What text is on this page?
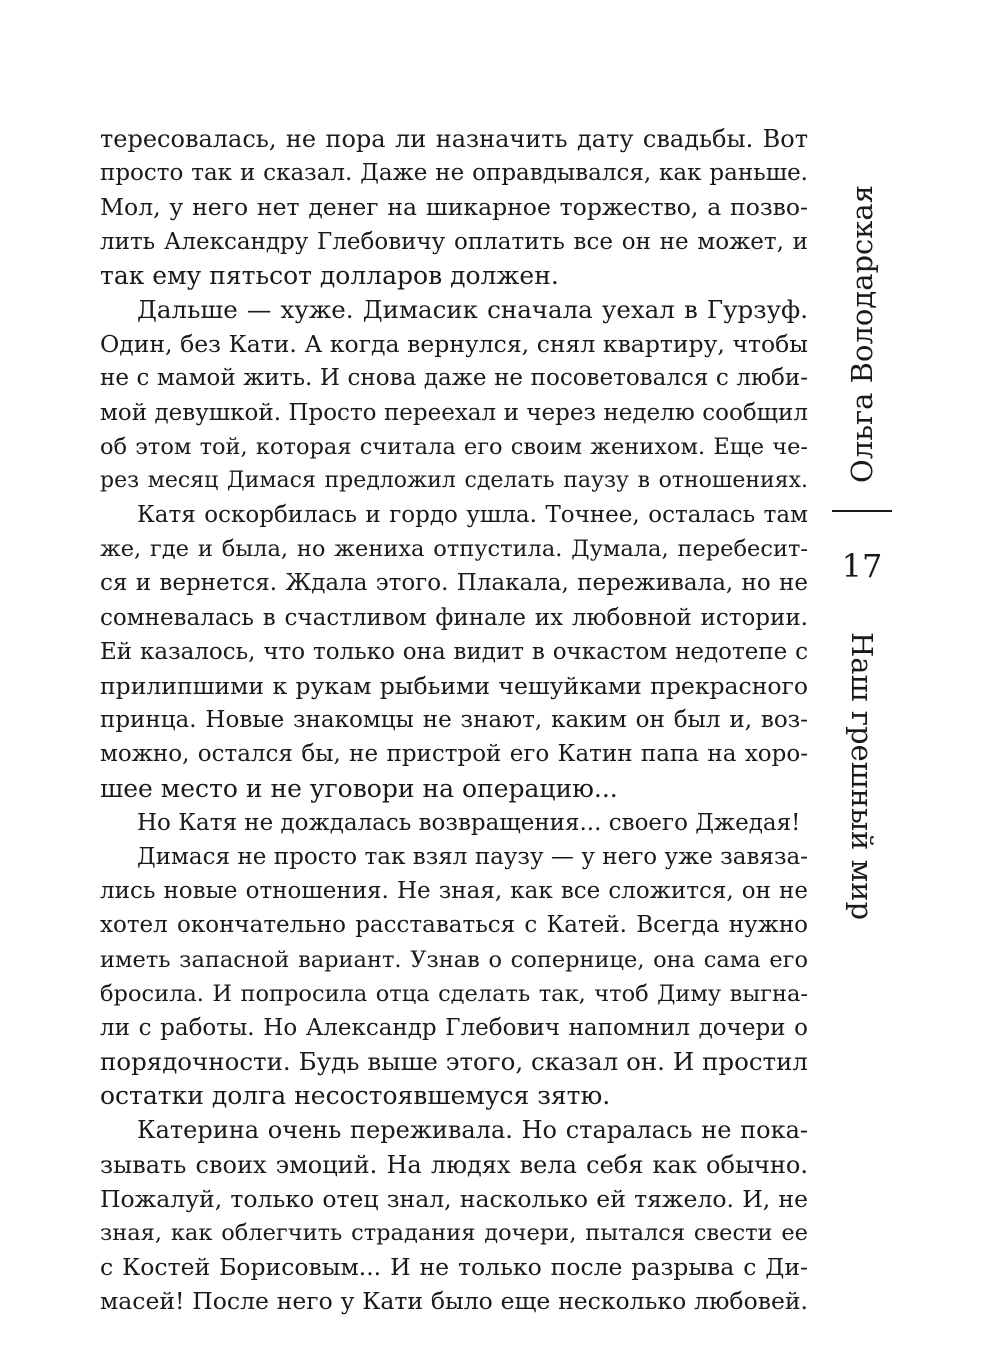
тересовалась, не пора ли назначить дату свадьбы. Вот
просто так и сказал. Даже не оправдывался, как раньше.
Мол, у него нет денег на шикарное торжество, а позво-
лить Александру Глебовичу оплатить все он не может, и
так ему пятьсот долларов должен.
Дальше — хуже. Димасик сначала уехал в Гурзуф.
Один, без Кати. А когда вернулся, снял квартиру, чтобы
не с мамой жить. И снова даже не посоветовался с люби-
мой девушкой. Просто переехал и через неделю сообщил
об этом той, которая считала его своим женихом. Еще че-
рез месяц Димася предложил сделать паузу в отношениях.
Катя оскорбилась и гордо ушла. Точнее, осталась там
же, где и была, но жениха отпустила. Думала, перебесит-
ся и вернется. Ждала этого. Плакала, переживала, но не
сомневалась в счастливом финале их любовной истории.
Ей казалось, что только она видит в очкастом недотепе с
прилипшими к рукам рыбьими чешуйками прекрасного
принца. Новые знакомцы не знают, каким он был и, воз-
можно, остался бы, не пристрой его Катин папа на хоро-
шее место и не уговори на операцию...
Но Катя не дождалась возвращения... своего Джедая!
Димася не просто так взял паузу — у него уже завяза-
лись новые отношения. Не зная, как все сложится, он не
хотел окончательно расставаться с Катей. Всегда нужно
иметь запасной вариант. Узнав о сопернице, она сама его
бросила. И попросила отца сделать так, чтоб Диму выгна-
ли с работы. Но Александр Глебович напомнил дочери о
порядочности. Будь выше этого, сказал он. И простил
остатки долга несостоявшемуся зятю.
Катерина очень переживала. Но старалась не пока-
зывать своих эмоций. На людях вела себя как обычно.
Пожалуй, только отец знал, насколько ей тяжело. И, не
зная, как облегчить страдания дочери, пытался свести ее
с Костей Борисовым... И не только после разрыва с Ди-
масей! После него у Кати было еще несколько любовей.
Ольга Володарская
17
Наш грешный мир
